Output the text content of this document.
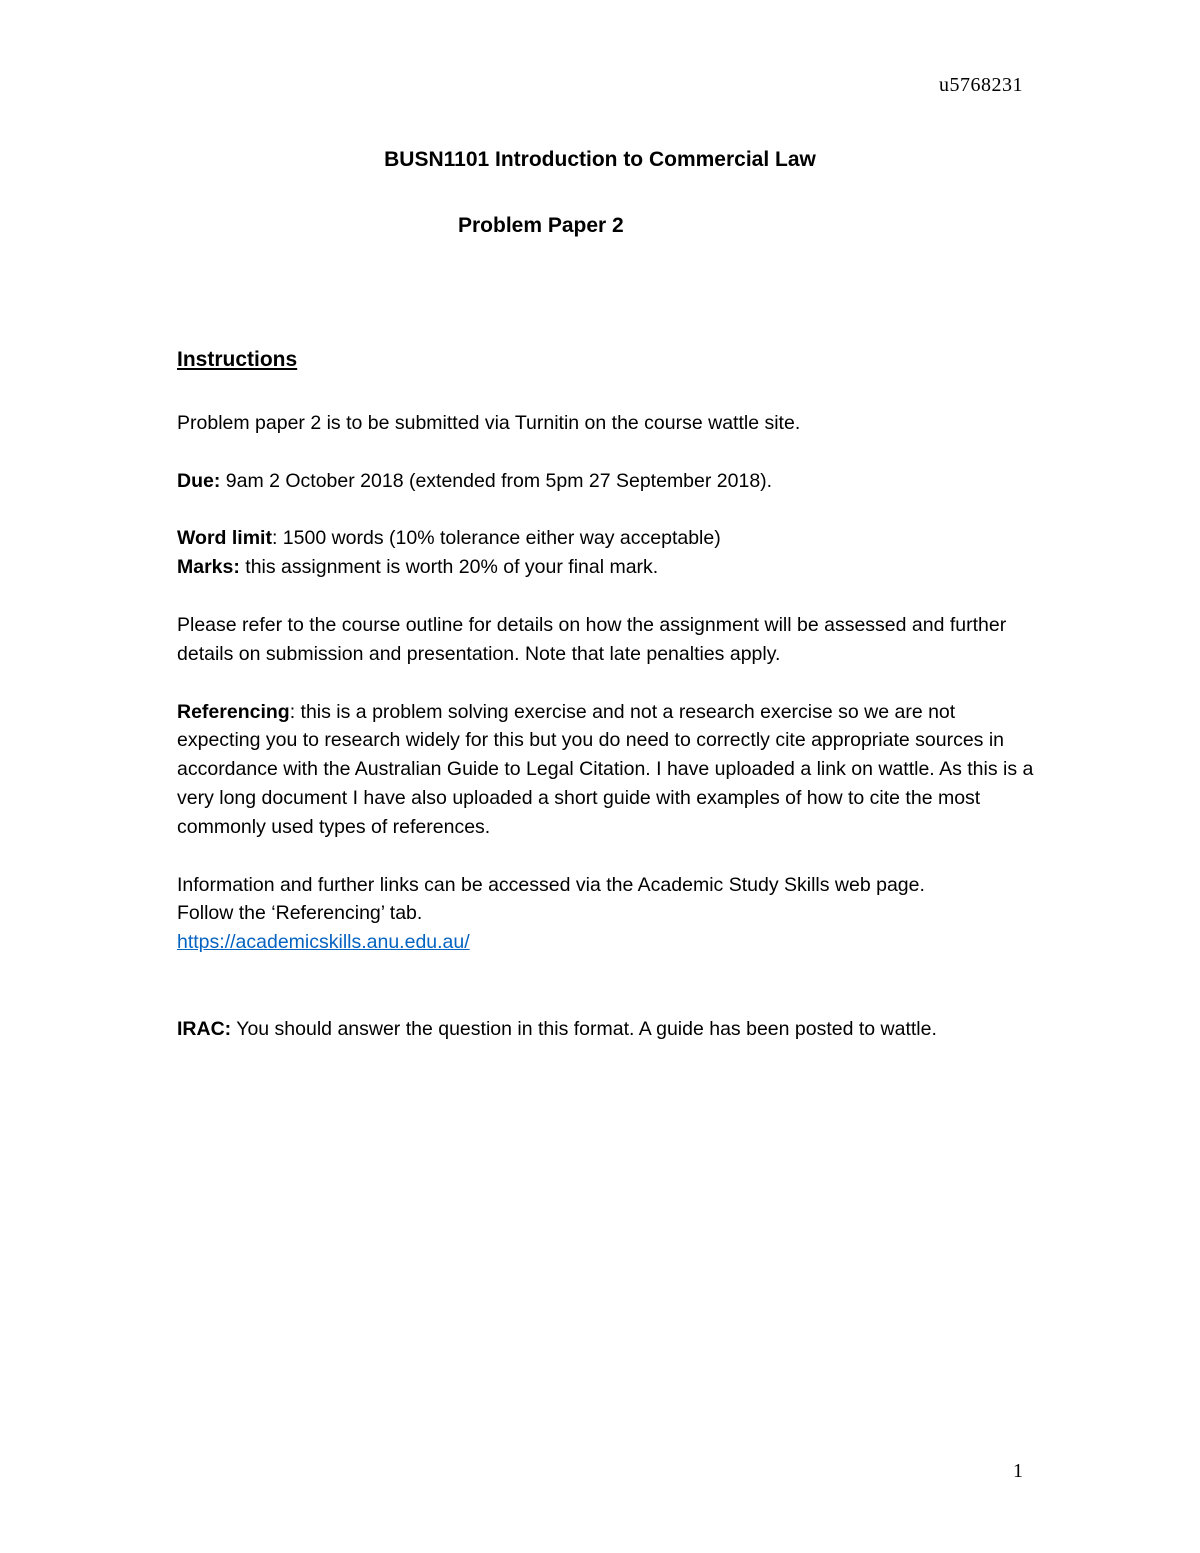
u5768231
BUSN1101 Introduction to Commercial Law
Problem Paper 2
Instructions

Problem paper 2 is to be submitted via Turnitin on the course wattle site.

Due: 9am 2 October 2018 (extended from 5pm 27 September 2018).

Word limit: 1500 words (10% tolerance either way acceptable)
Marks: this assignment is worth 20% of your final mark.

Please refer to the course outline for details on how the assignment will be assessed and further details on submission and presentation. Note that late penalties apply.

Referencing: this is a problem solving exercise and not a research exercise so we are not expecting you to research widely for this but you do need to correctly cite appropriate sources in accordance with the Australian Guide to Legal Citation. I have uploaded a link on wattle. As this is a very long document I have also uploaded a short guide with examples of how to cite the most commonly used types of references.

Information and further links can be accessed via the Academic Study Skills web page.
Follow the ‘Referencing’ tab.
https://academicskills.anu.edu.au/

IRAC: You should answer the question in this format. A guide has been posted to wattle.

1
